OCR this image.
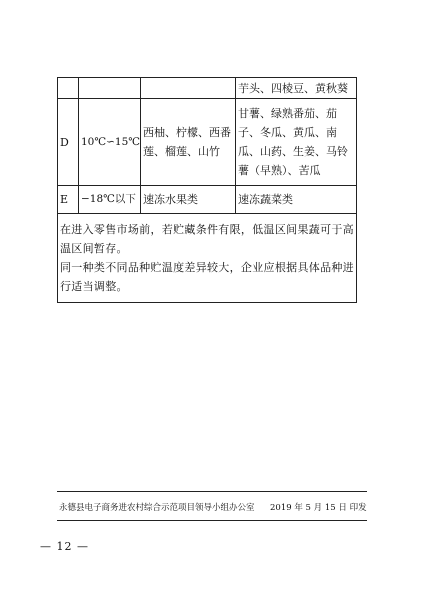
			芋头、四棱豆、黄秋葵
D	10℃∽15℃	西柚、柠檬、西番莲、榴莲、山竹	甘薯、绿熟番茄、茄子、冬瓜、黄瓜、南瓜、山药、生姜、马铃薯（早熟）、苦瓜
E	−18℃以下	速冻水果类	速冻蔬菜类

在进入零售市场前，若贮藏条件有限，低温区间果蔬可于高温区间暂存。
同一种类不同品种贮温度差异较大，企业应根据具体品种进行适当调整。			
永德县电子商务进农村综合示范项目领导小组办公室 2019 年 5 月 15 日 印发
— 12 —
